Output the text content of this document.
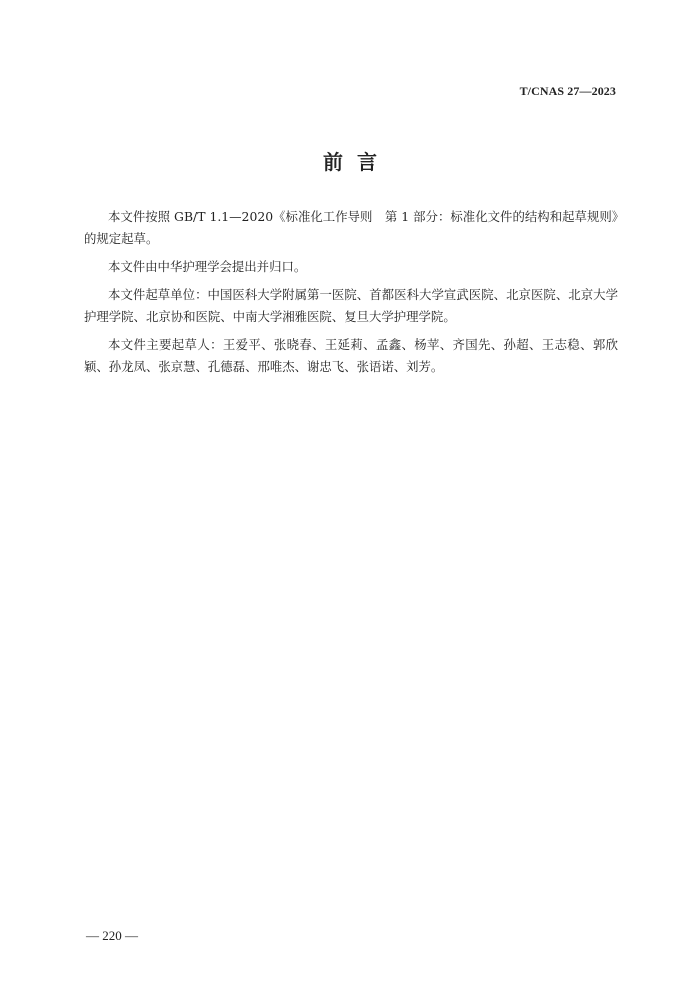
T/CNAS 27—2023
前言

本文件按照 GB/T 1.1—2020《标准化工作导则　第 1 部分：标准化文件的结构和起草规则》的规定起草。

本文件由中华护理学会提出并归口。

本文件起草单位：中国医科大学附属第一医院、首都医科大学宣武医院、北京医院、北京大学护理学院、北京协和医院、中南大学湘雅医院、复旦大学护理学院。

本文件主要起草人：王爱平、张晓春、王延莉、孟鑫、杨苹、齐国先、孙超、王志稳、郭欣颖、孙龙凤、张京慧、孔德磊、邢唯杰、谢忠飞、张语诺、刘芳。

— 220 —
